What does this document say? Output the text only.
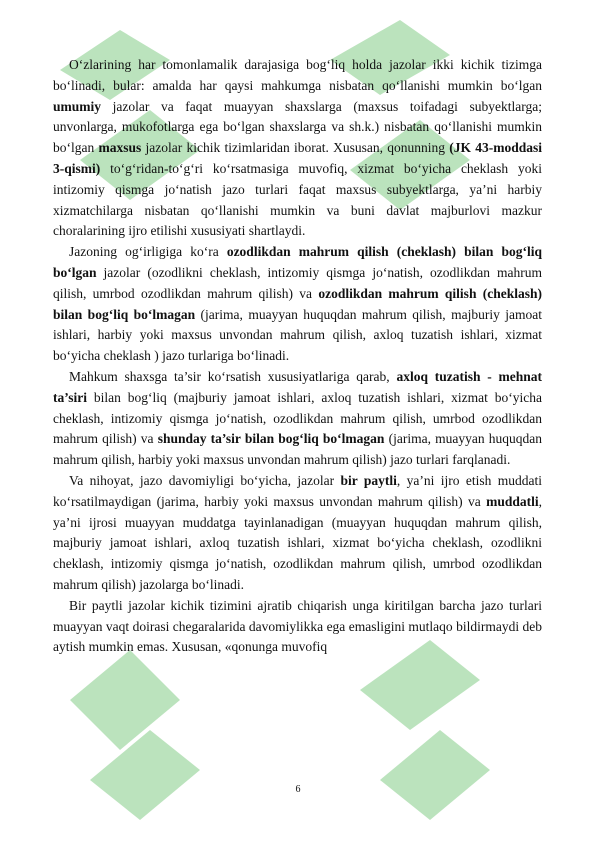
O‘zlarining har tomonlamalik darajasiga bog‘liq holda jazolar ikki kichik tizimga bo‘linadi, bular: amalda har qaysi mahkumga nisbatan qo‘llanishi mumkin bo‘lgan umumiy jazolar va faqat muayyan shaxslarga (maxsus toifadagi subyektlarga; unvonlarga, mukofotlarga ega bo‘lgan shaxslarga va sh.k.) nisbatan qo‘llanishi mumkin bo‘lgan maxsus jazolar kichik tizimlaridan iborat. Xususan, qonunning (JK 43-moddasi 3-qismi) to‘g‘ridan-to‘g‘ri ko‘rsatmasiga muvofiq, xizmat bo‘yicha cheklash yoki intizomiy qismga jo‘natish jazo turlari faqat maxsus subyektlarga, ya’ni harbiy xizmatchilarga nisbatan qo‘llanishi mumkin va buni davlat majburlovi mazkur choralarining ijro etilishi xususiyati shartlaydi.

Jazoning og‘irligiga ko‘ra ozodlikdan mahrum qilish (cheklash) bilan bog‘liq bo‘lgan jazolar (ozodlikni cheklash, intizomiy qismga jo‘natish, ozodlikdan mahrum qilish, umrbod ozodlikdan mahrum qilish) va ozodlikdan mahrum qilish (cheklash) bilan bog‘liq bo‘lmagan (jarima, muayyan huquqdan mahrum qilish, majburiy jamoat ishlari, harbiy yoki maxsus unvondan mahrum qilish, axloq tuzatish ishlari, xizmat bo‘yicha cheklash ) jazo turlariga bo‘linadi.

Mahkum shaxsga ta’sir ko‘rsatish xususiyatlariga qarab, axloq tuzatish - mehnat ta’siri bilan bog‘liq (majburiy jamoat ishlari, axloq tuzatish ishlari, xizmat bo‘yicha cheklash, intizomiy qismga jo‘natish, ozodlikdan mahrum qilish, umrbod ozodlikdan mahrum qilish) va shunday ta’sir bilan bog‘liq bo‘lmagan (jarima, muayyan huquqdan mahrum qilish, harbiy yoki maxsus unvondan mahrum qilish) jazo turlari farqlanadi.

Va nihoyat, jazo davomiyligi bo‘yicha, jazolar bir paytli, ya’ni ijro etish muddati ko‘rsatilmaydigan (jarima, harbiy yoki maxsus unvondan mahrum qilish) va muddatli, ya’ni ijrosi muayyan muddatga tayinlanadigan (muayyan huquqdan mahrum qilish, majburiy jamoat ishlari, axloq tuzatish ishlari, xizmat bo‘yicha cheklash, ozodlikni cheklash, intizomiy qismga jo‘natish, ozodlikdan mahrum qilish, umrbod ozodlikdan mahrum qilish) jazolarga bo‘linadi.

Bir paytli jazolar kichik tizimini ajratib chiqarish unga kiritilgan barcha jazo turlari muayyan vaqt doirasi chegaralarida davomiylikka ega emasligini mutlaqo bildirmaydi deb aytish mumkin emas. Xususan, «qonunga muvofiq

6
